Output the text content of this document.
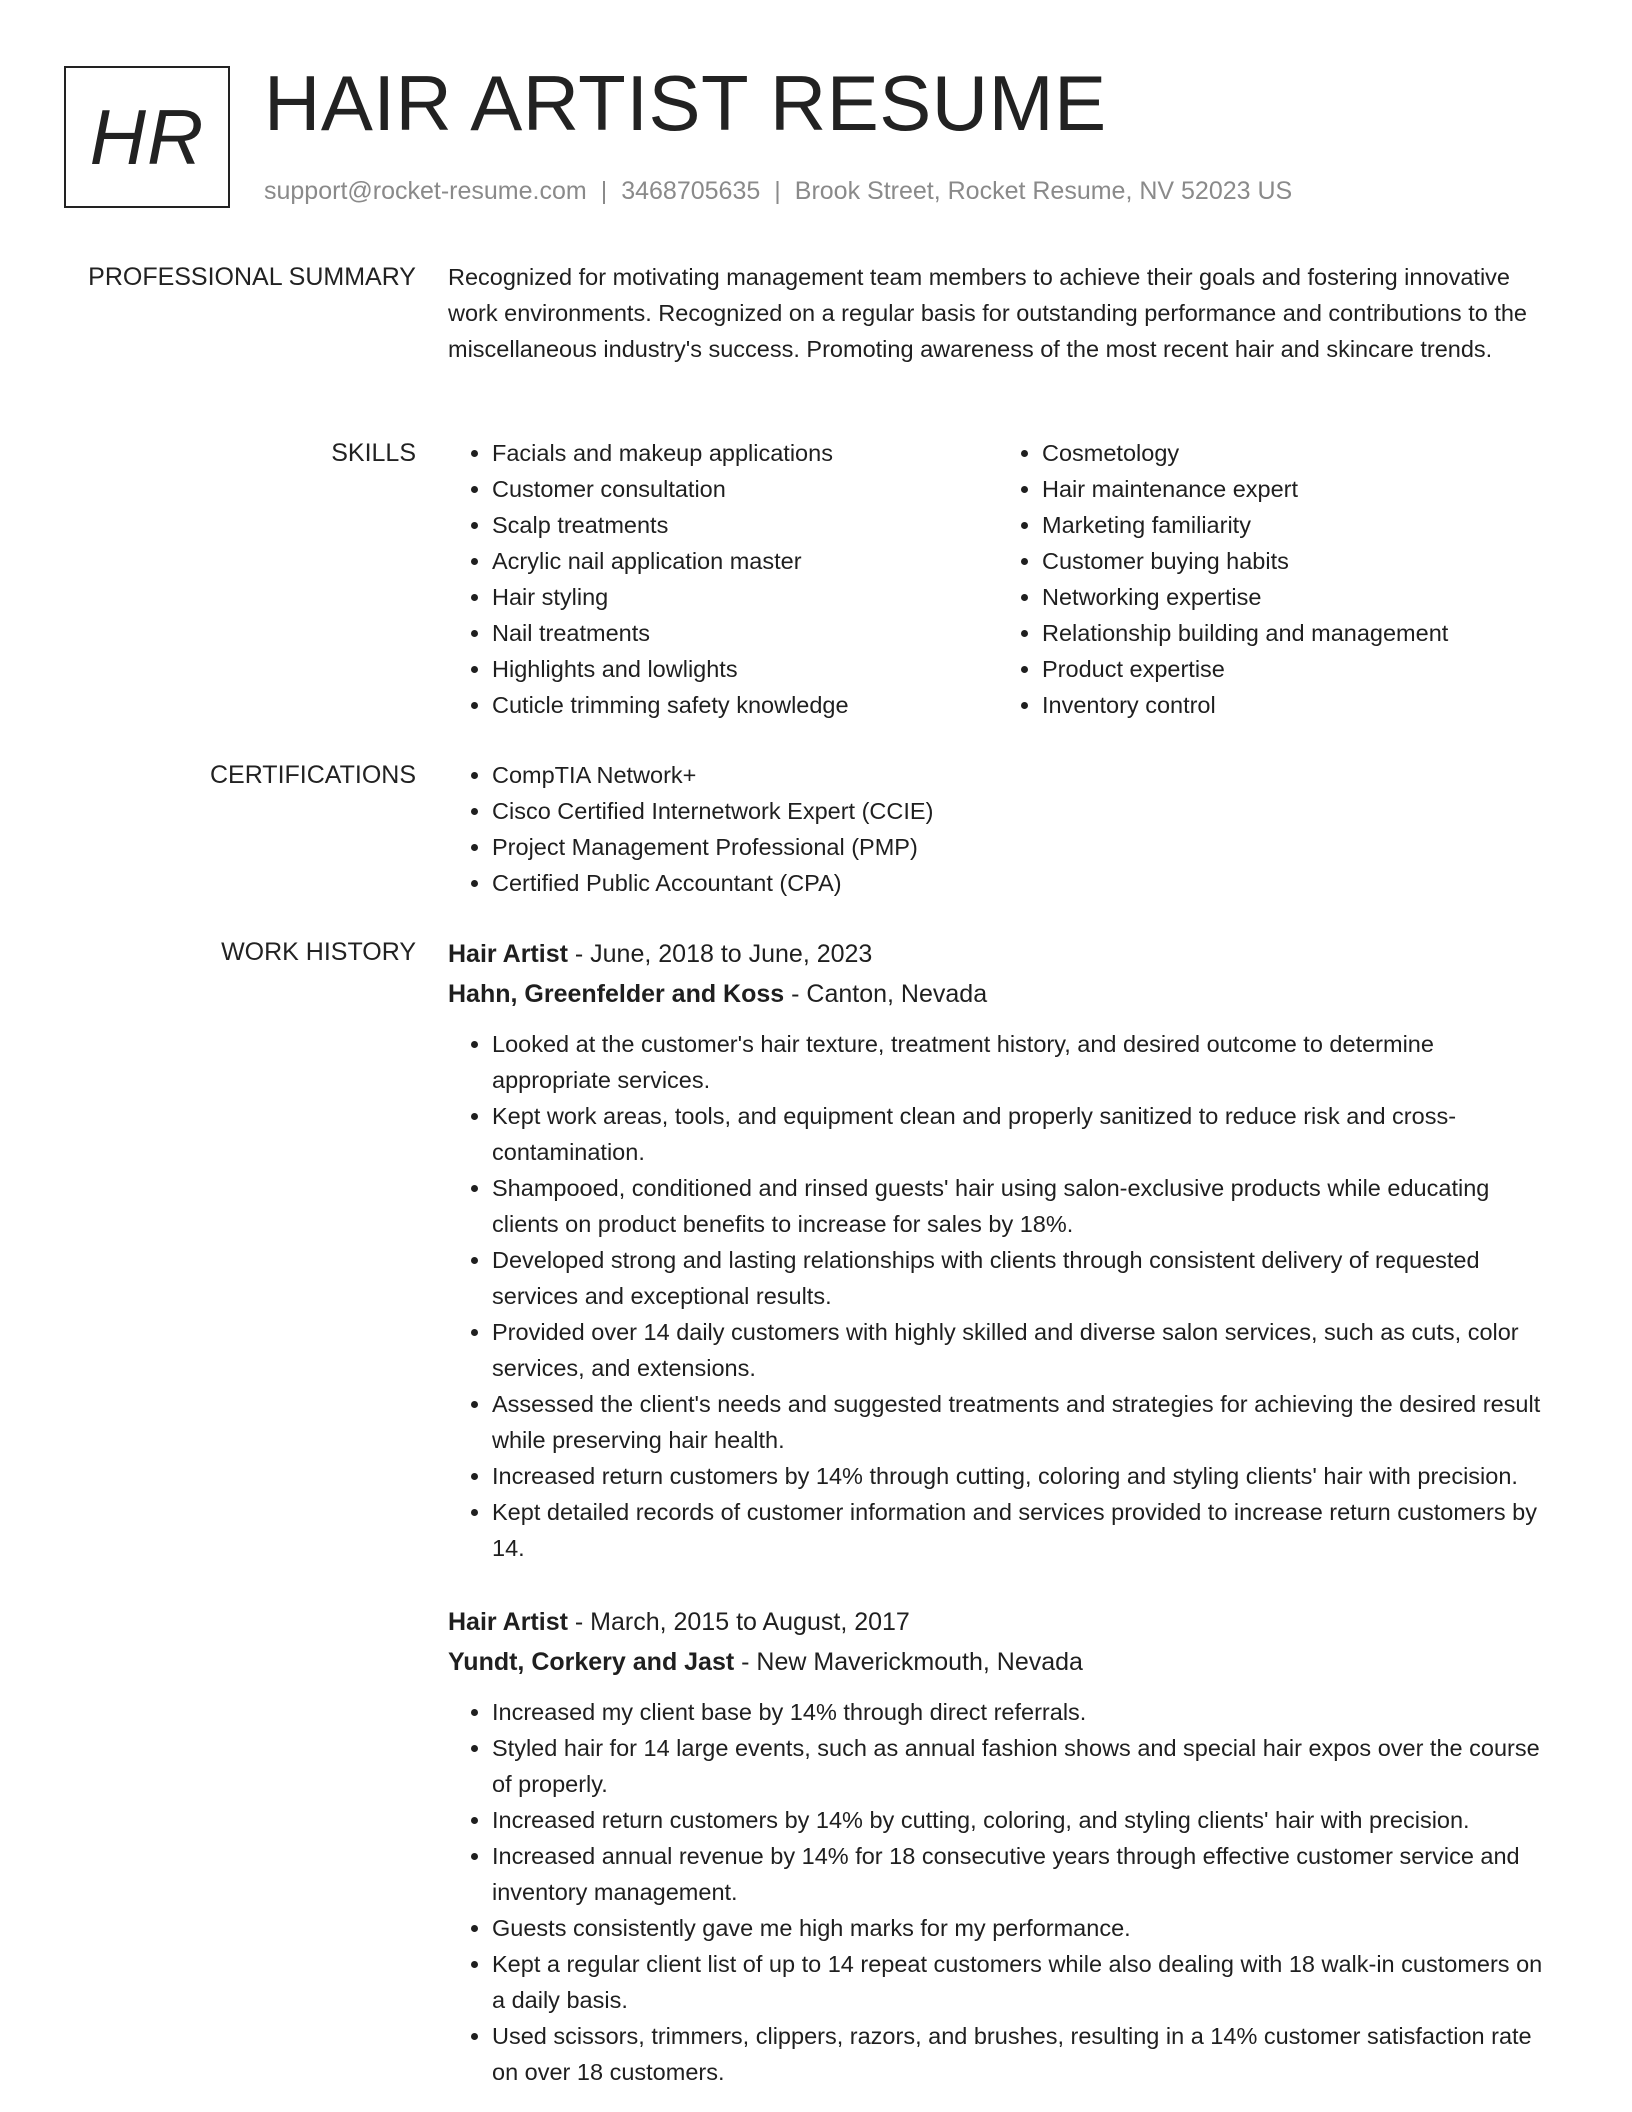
HR HAIR ARTIST RESUME
support@rocket-resume.com | 3468705635 | Brook Street, Rocket Resume, NV 52023 US
PROFESSIONAL SUMMARY Recognized for motivating management team members to achieve their goals and fostering innovative work environments. Recognized on a regular basis for outstanding performance and contributions to the miscellaneous industry's success. Promoting awareness of the most recent hair and skincare trends.

SKILLS	• Facials and makeup applications
• Customer consultation
• Scalp treatments
• Acrylic nail application master
• Hair styling
• Nail treatments
• Highlights and lowlights
• Cuticle trimming safety knowledge
• Cosmetology
• Hair maintenance expert
• Marketing familiarity
• Customer buying habits
• Networking expertise
• Relationship building and management
• Product expertise
• Inventory control
CERTIFICATIONS	• CompTIA Network+
• Cisco Certified Internetwork Expert (CCIE)
• Project Management Professional (PMP)
• Certified Public Accountant (CPA)
WORK HISTORY Hair Artist - June, 2018 to June, 2023
Hahn, Greenfelder and Koss - Canton, Nevada
• Looked at the customer's hair texture, treatment history, and desired outcome to determine appropriate services.
• Kept work areas, tools, and equipment clean and properly sanitized to reduce risk and cross-contamination.
• Shampooed, conditioned and rinsed guests' hair using salon-exclusive products while educating clients on product benefits to increase for sales by 18%.
• Developed strong and lasting relationships with clients through consistent delivery of requested services and exceptional results.
• Provided over 14 daily customers with highly skilled and diverse salon services, such as cuts, color services, and extensions.
• Assessed the client's needs and suggested treatments and strategies for achieving the desired result while preserving hair health.
• Increased return customers by 14% through cutting, coloring and styling clients' hair with precision.
• Kept detailed records of customer information and services provided to increase return customers by 14.
Hair Artist - March, 2015 to August, 2017
Yundt, Corkery and Jast - New Maverickmouth, Nevada
• Increased my client base by 14% through direct referrals.
• Styled hair for 14 large events, such as annual fashion shows and special hair expos over the course of properly.
• Increased return customers by 14% by cutting, coloring, and styling clients' hair with precision.
• Increased annual revenue by 14% for 18 consecutive years through effective customer service and inventory management.
• Guests consistently gave me high marks for my performance.
• Kept a regular client list of up to 14 repeat customers while also dealing with 18 walk-in customers on a daily basis.
• Used scissors, trimmers, clippers, razors, and brushes, resulting in a 14% customer satisfaction rate on over 18 customers.
